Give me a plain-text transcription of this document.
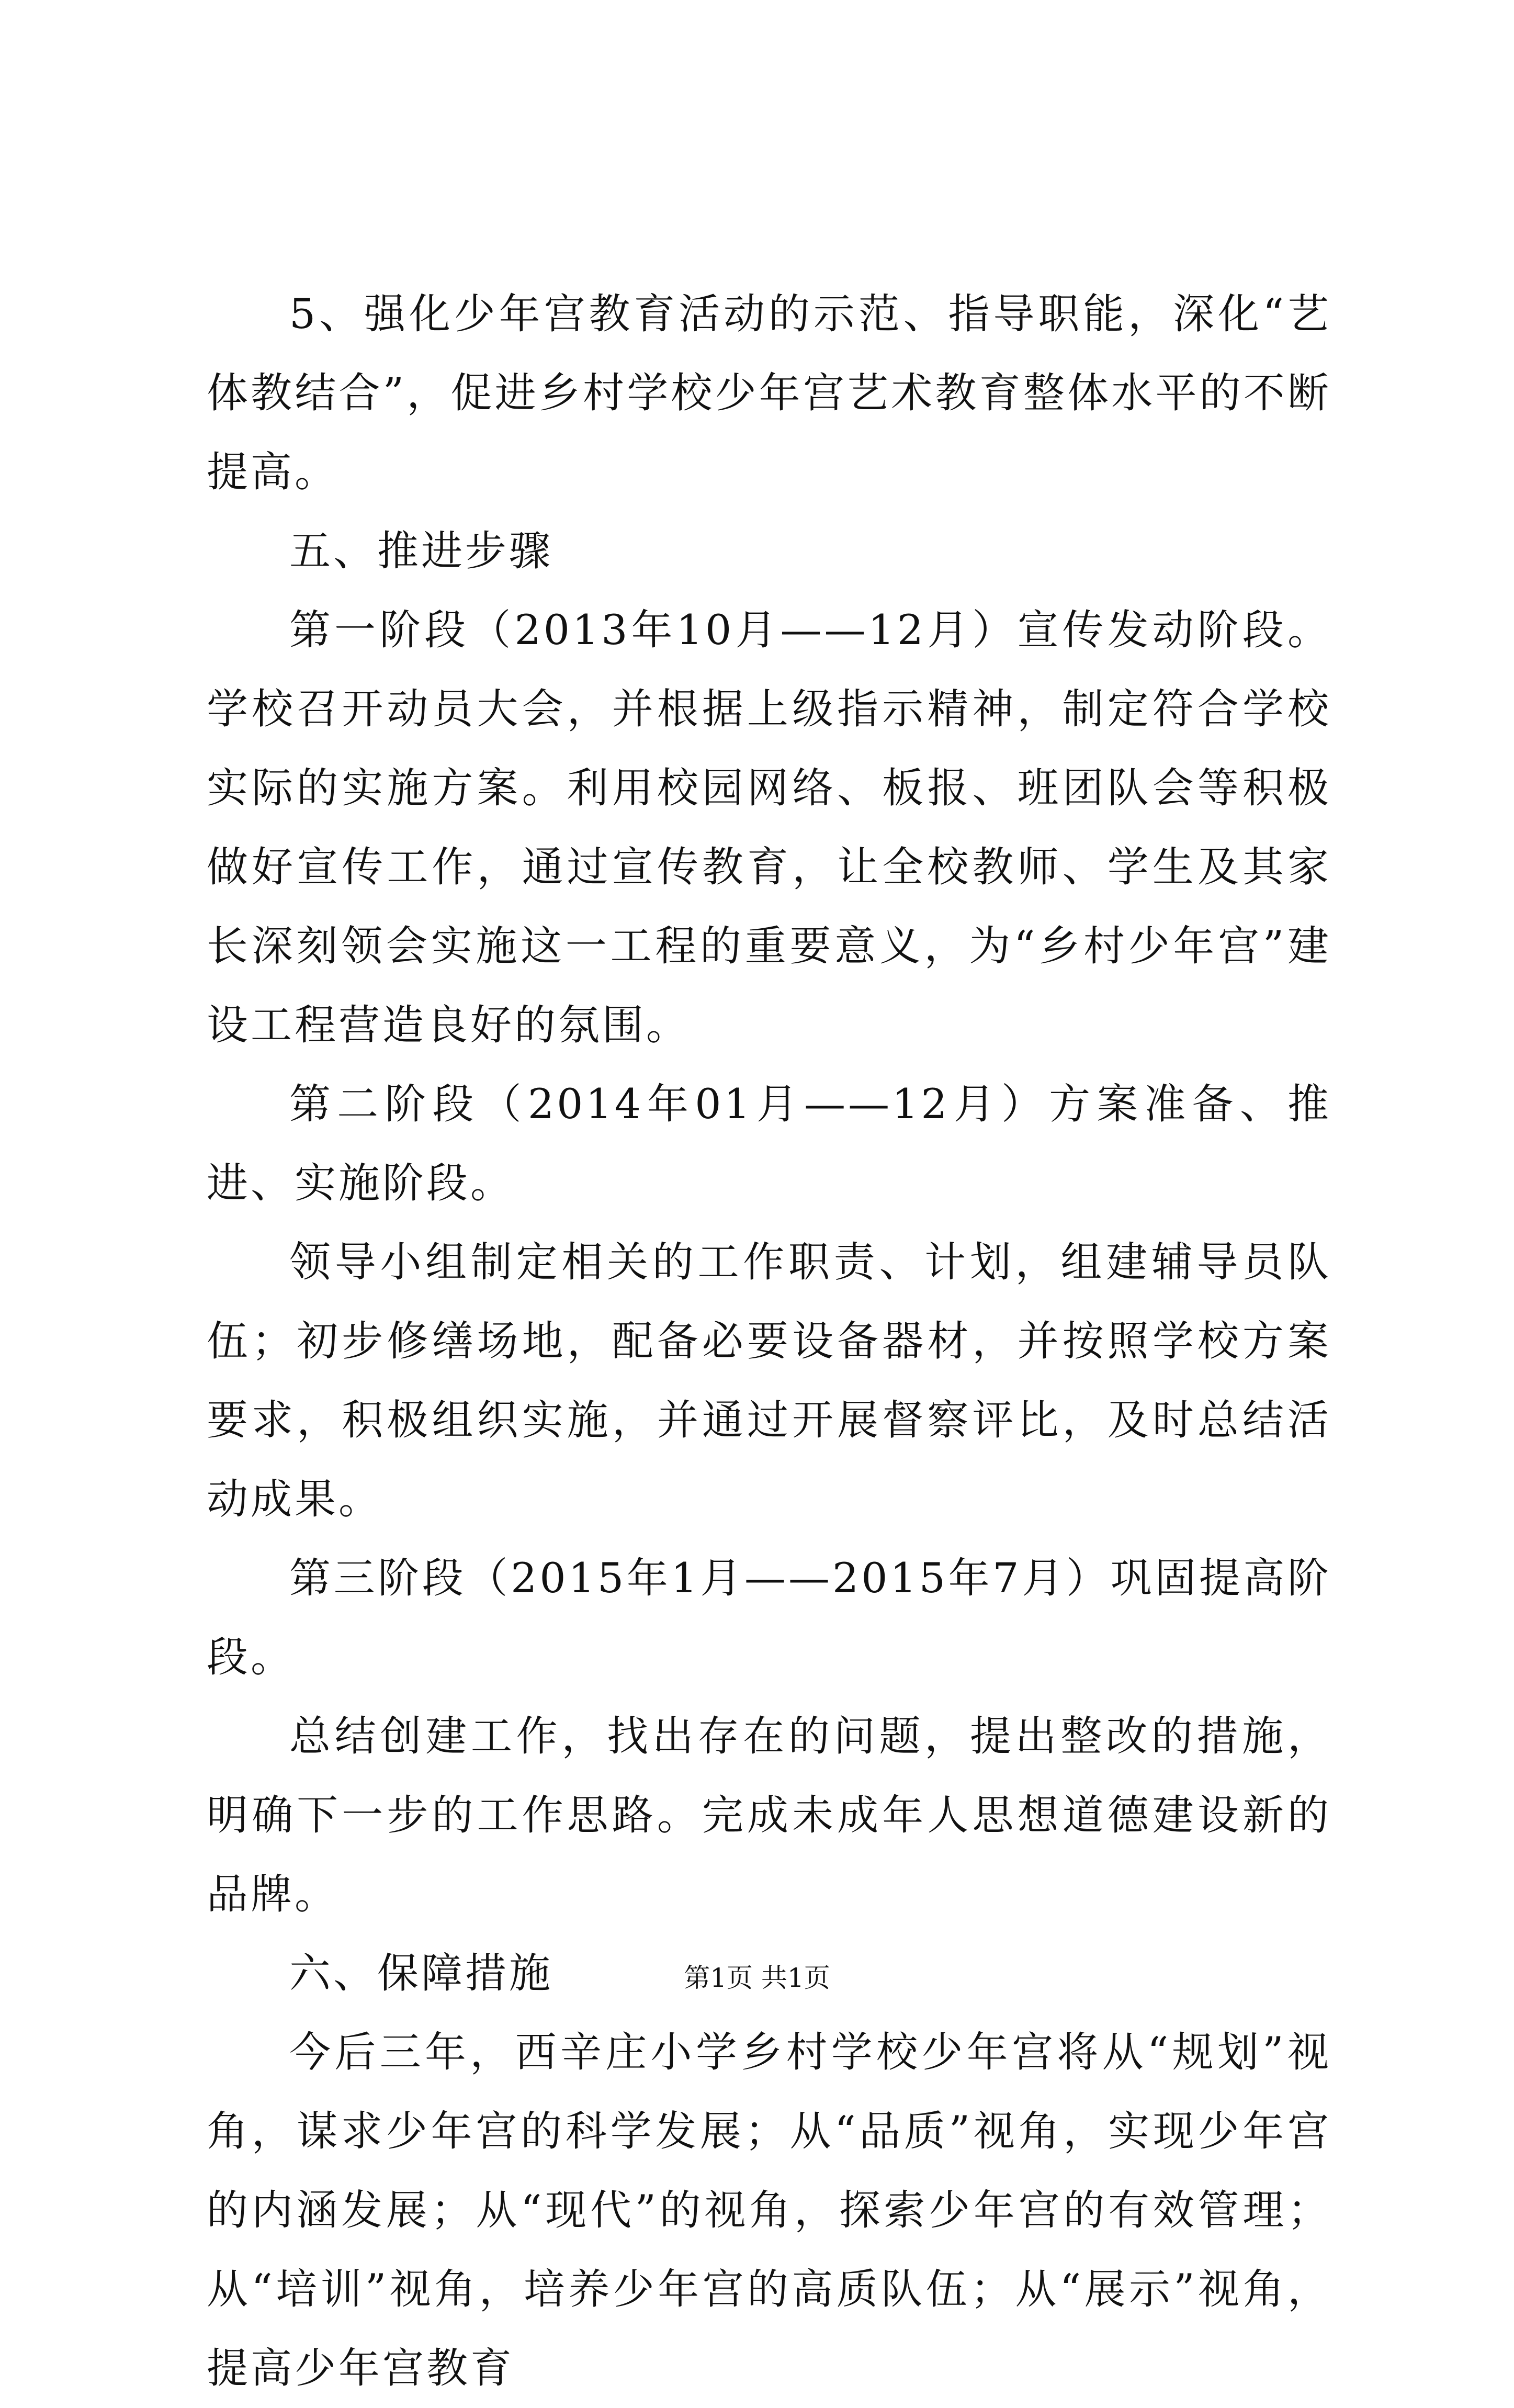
5、强化少年宫教育活动的示范、指导职能，深化“艺体教结合”，促进乡村学校少年宫艺术教育整体水平的不断提高。

五、推进步骤

第一阶段（2013年10月——12月）宣传发动阶段。学校召开动员大会，并根据上级指示精神，制定符合学校实际的实施方案。利用校园网络、板报、班团队会等积极做好宣传工作，通过宣传教育，让全校教师、学生及其家长深刻领会实施这一工程的重要意义，为“乡村少年宫”建设工程营造良好的氛围。

第二阶段（2014年01月——12月）方案准备、推进、实施阶段。

领导小组制定相关的工作职责、计划，组建辅导员队伍；初步修缮场地，配备必要设备器材，并按照学校方案要求，积极组织实施，并通过开展督察评比，及时总结活动成果。

第三阶段（2015年1月——2015年7月）巩固提高阶段。

总结创建工作，找出存在的问题，提出整改的措施，明确下一步的工作思路。完成未成年人思想道德建设新的品牌。

六、保障措施

今后三年，西辛庄小学乡村学校少年宫将从“规划”视角，谋求少年宫的科学发展；从“品质”视角，实现少年宫的内涵发展；从“现代”的视角，探索少年宫的有效管理；从“培训”视角，培养少年宫的高质队伍；从“展示”视角，提高少年宫教育

第1页 共1页
